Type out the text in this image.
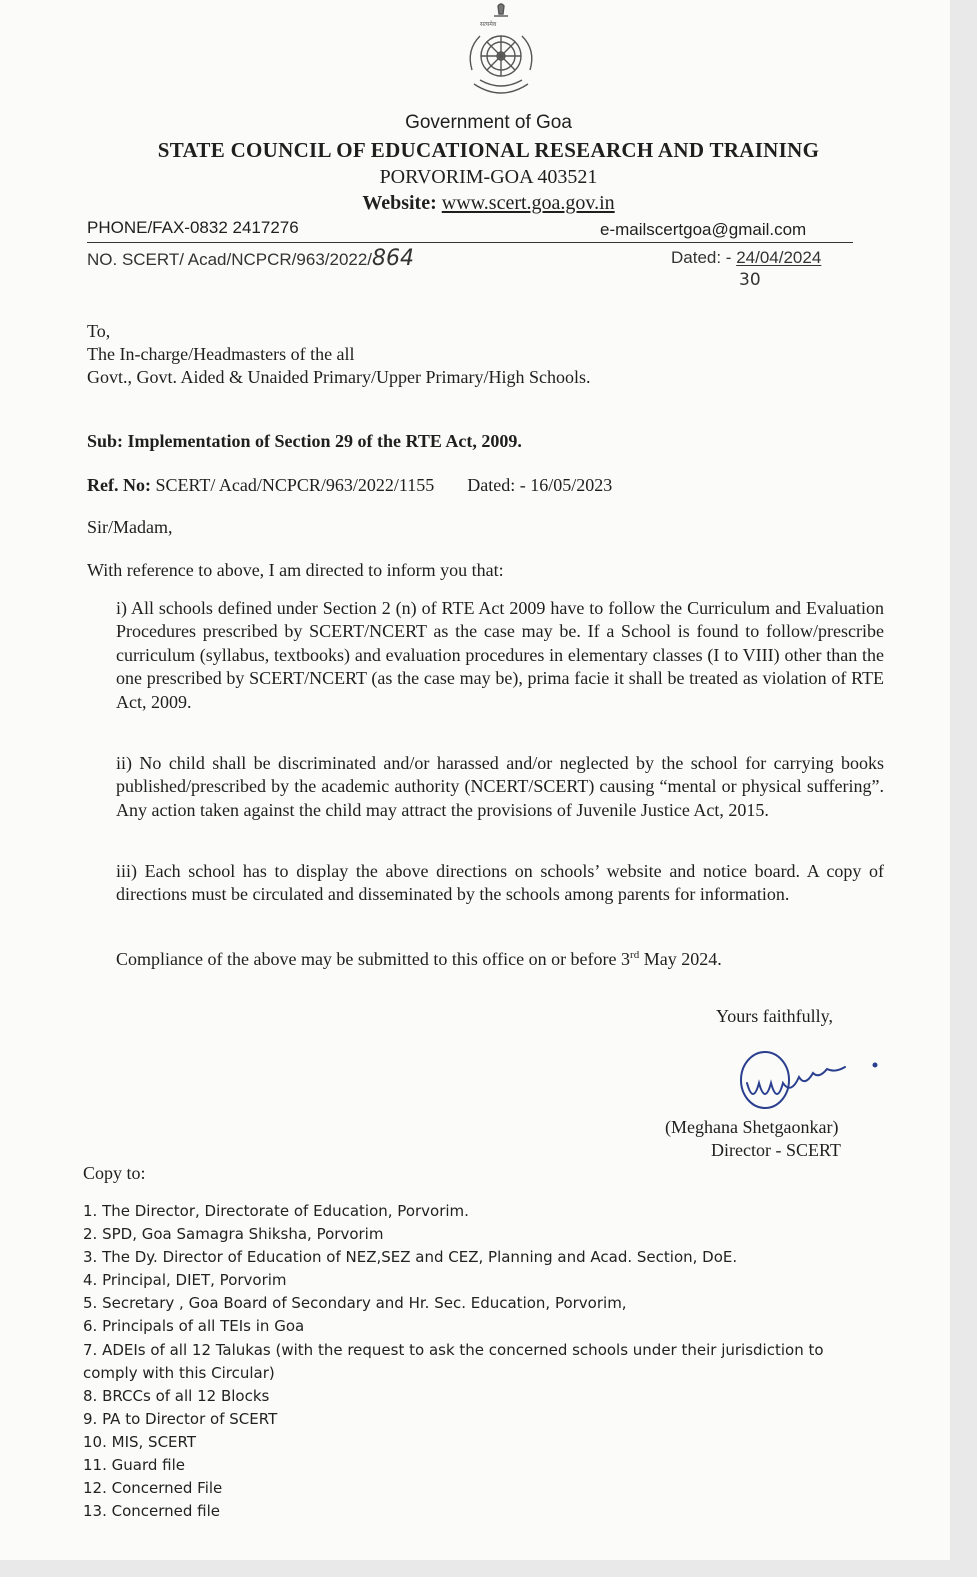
सत्यमेव
Government of Goa
STATE COUNCIL OF EDUCATIONAL RESEARCH AND TRAINING
PORVORIM-GOA 403521
Website: www.scert.goa.gov.in
PHONE/FAX-0832 2417276	e-mailscertgoa@gmail.com
NO. SCERT/ Acad/NCPCR/963/2022/864	Dated: - 24/04/2024
30
To,
The In-charge/Headmasters of the all
Govt., Govt. Aided & Unaided Primary/Upper Primary/High Schools.
Sub: Implementation of Section 29 of the RTE Act, 2009.
Ref. No: SCERT/ Acad/NCPCR/963/2022/1155 Dated: - 16/05/2023
Sir/Madam,
With reference to above, I am directed to inform you that:
i) All schools defined under Section 2 (n) of RTE Act 2009 have to follow the Curriculum and Evaluation Procedures prescribed by SCERT/NCERT as the case may be. If a School is found to follow/prescribe curriculum (syllabus, textbooks) and evaluation procedures in elementary classes (I to VIII) other than the one prescribed by SCERT/NCERT (as the case may be), prima facie it shall be treated as violation of RTE Act, 2009.
ii) No child shall be discriminated and/or harassed and/or neglected by the school for carrying books published/prescribed by the academic authority (NCERT/SCERT) causing “mental or physical suffering”. Any action taken against the child may attract the provisions of Juvenile Justice Act, 2015.
iii) Each school has to display the above directions on schools’ website and notice board. A copy of directions must be circulated and disseminated by the schools among parents for information.
Compliance of the above may be submitted to this office on or before 3rd May 2024.
Yours faithfully,
(Meghana Shetgaonkar)
Director - SCERT
Copy to:
1. The Director, Directorate of Education, Porvorim.
2. SPD, Goa Samagra Shiksha, Porvorim
3. The Dy. Director of Education of NEZ,SEZ and CEZ, Planning and Acad. Section, DoE.
4. Principal, DIET, Porvorim
5. Secretary , Goa Board of Secondary and Hr. Sec. Education, Porvorim,
6. Principals of all TEIs in Goa
7. ADEIs of all 12 Talukas (with the request to ask the concerned schools under their jurisdiction to
comply with this Circular)
8. BRCCs of all 12 Blocks
9. PA to Director of SCERT
10. MIS, SCERT
11. Guard file
12. Concerned File
13. Concerned file
